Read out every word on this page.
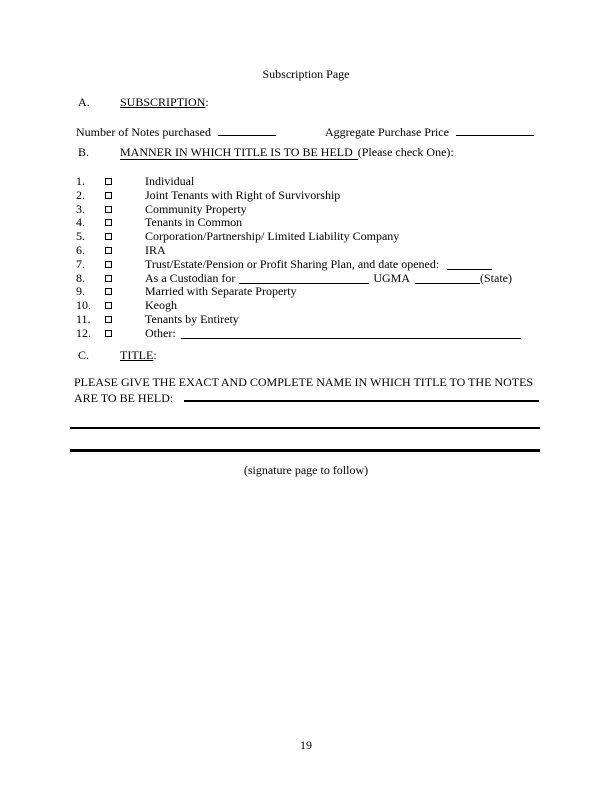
Subscription Page
A.	SUBSCRIPTION:
Number of Notes purchased	Aggregate Purchase Price
B.	MANNER IN WHICH TITLE IS TO BE HELD (Please check One):
1.	Individual
2.	Joint Tenants with Right of Survivorship
3.	Community Property
4.	Tenants in Common
5.	Corporation/Partnership/ Limited Liability Company
6.	IRA
7.	Trust/Estate/Pension or Profit Sharing Plan, and date opened:
8.	As a Custodian for	UGMA	(State)
9.	Married with Separate Property
10.	Keogh
11.	Tenants by Entirety
12.	Other:
C.	TITLE:
PLEASE GIVE THE EXACT AND COMPLETE NAME IN WHICH TITLE TO THE NOTES
ARE TO BE HELD:
(signature page to follow)
19
